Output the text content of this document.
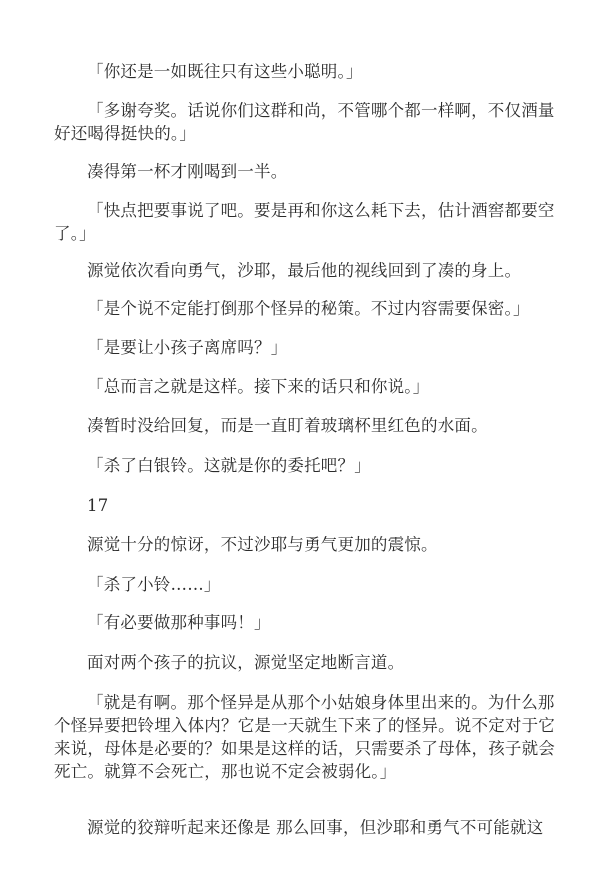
「你还是一如既往只有这些小聪明。」

「多谢夸奖。话说你们这群和尚，不管哪个都一样啊，不仅酒量好还喝得挺快的。」

凑得第一杯才刚喝到一半。

「快点把要事说了吧。要是再和你这么耗下去，估计酒窖都要空了。」

源觉依次看向勇气，沙耶，最后他的视线回到了凑的身上。

「是个说不定能打倒那个怪异的秘策。不过内容需要保密。」

「是要让小孩子离席吗？」

「总而言之就是这样。接下来的话只和你说。」

凑暂时没给回复，而是一直盯着玻璃杯里红色的水面。

「杀了白银铃。这就是你的委托吧？」

17

源觉十分的惊讶，不过沙耶与勇气更加的震惊。

「杀了小铃……」

「有必要做那种事吗！」

面对两个孩子的抗议，源觉坚定地断言道。

「就是有啊。那个怪异是从那个小姑娘身体里出来的。为什么那个怪异要把铃埋入体内？它是一天就生下来了的怪异。说不定对于它来说，母体是必要的？如果是这样的话，只需要杀了母体，孩子就会死亡。就算不会死亡，那也说不定会被弱化。」

源觉的狡辩听起来还像是 那么回事，但沙耶和勇气不可能就这
